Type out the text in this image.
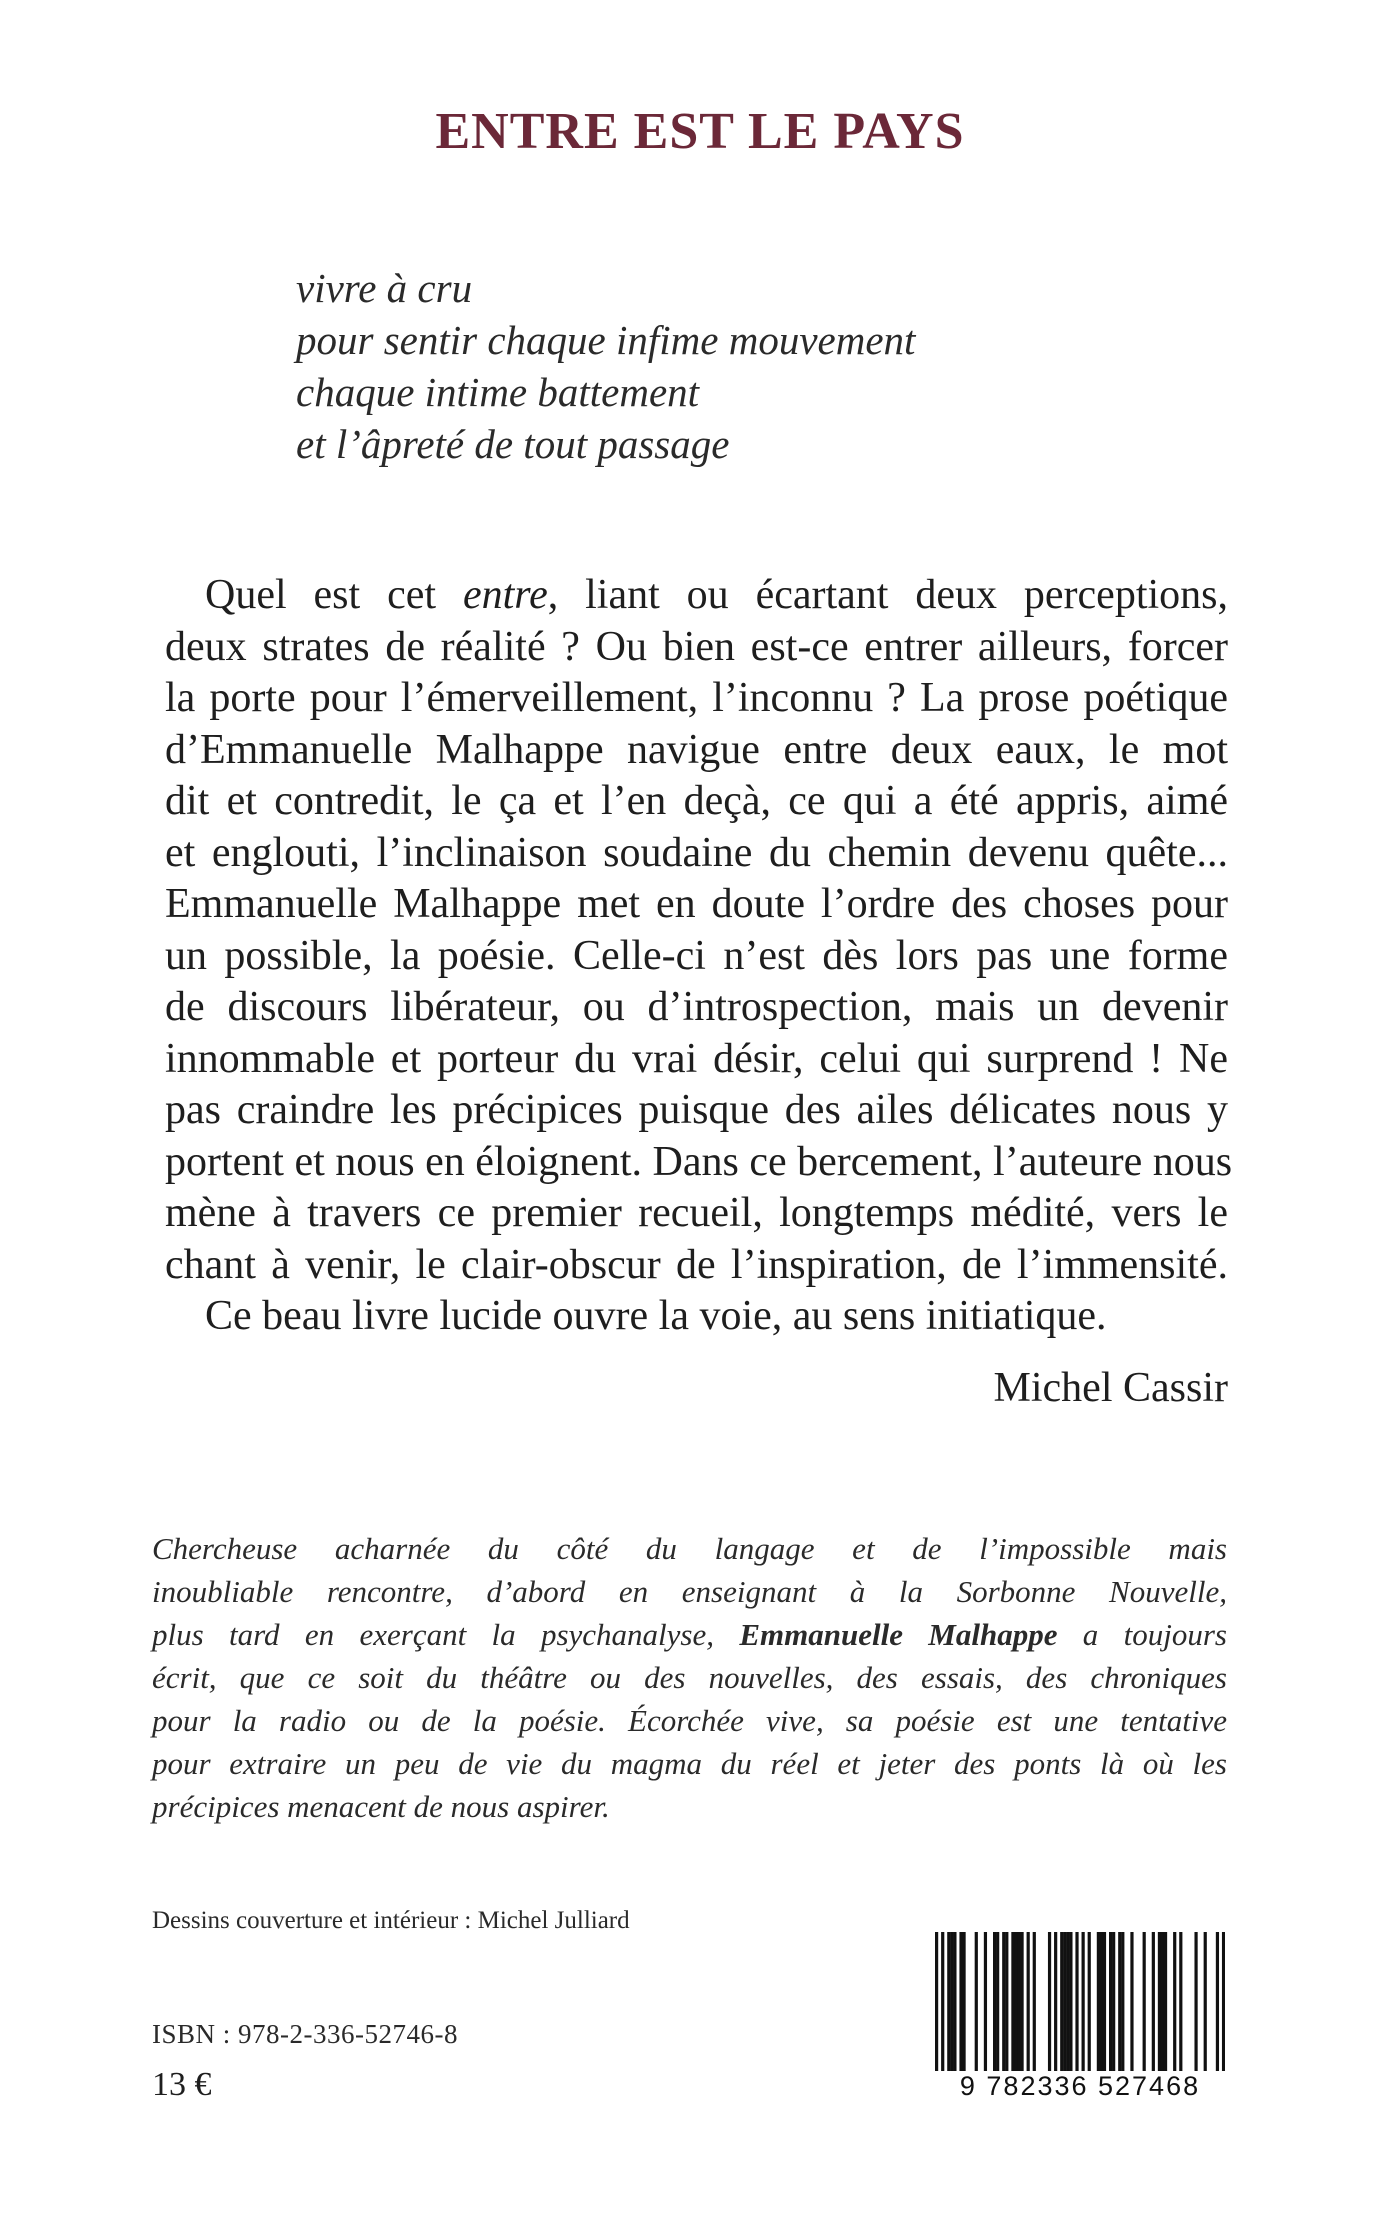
ENTRE EST LE PAYS
vivre à cru
pour sentir chaque infime mouvement
chaque intime battement
et l’âpreté de tout passage
Quel est cet entre, liant ou écartant deux perceptions,
deux strates de réalité ? Ou bien est-ce entrer ailleurs, forcer
la porte pour l’émerveillement, l’inconnu ? La prose poétique
d’Emmanuelle Malhappe navigue entre deux eaux, le mot
dit et contredit, le ça et l’en deçà, ce qui a été appris, aimé
et englouti, l’inclinaison soudaine du chemin devenu quête...
Emmanuelle Malhappe met en doute l’ordre des choses pour
un possible, la poésie. Celle-ci n’est dès lors pas une forme
de discours libérateur, ou d’introspection, mais un devenir
innommable et porteur du vrai désir, celui qui surprend ! Ne
pas craindre les précipices puisque des ailes délicates nous y
portent et nous en éloignent. Dans ce bercement, l’auteure nous
mène à travers ce premier recueil, longtemps médité, vers le
chant à venir, le clair-obscur de l’inspiration, de l’immensité.
Ce beau livre lucide ouvre la voie, au sens initiatique.
Michel Cassir
Chercheuse acharnée du côté du langage et de l’impossible mais
inoubliable rencontre, d’abord en enseignant à la Sorbonne Nouvelle,
plus tard en exerçant la psychanalyse, Emmanuelle Malhappe a toujours
écrit, que ce soit du théâtre ou des nouvelles, des essais, des chroniques
pour la radio ou de la poésie. Écorchée vive, sa poésie est une tentative
pour extraire un peu de vie du magma du réel et jeter des ponts là où les
précipices menacent de nous aspirer.
Dessins couverture et intérieur : Michel Julliard
ISBN : 978-2-336-52746-8
13 €	9 782336 527468
